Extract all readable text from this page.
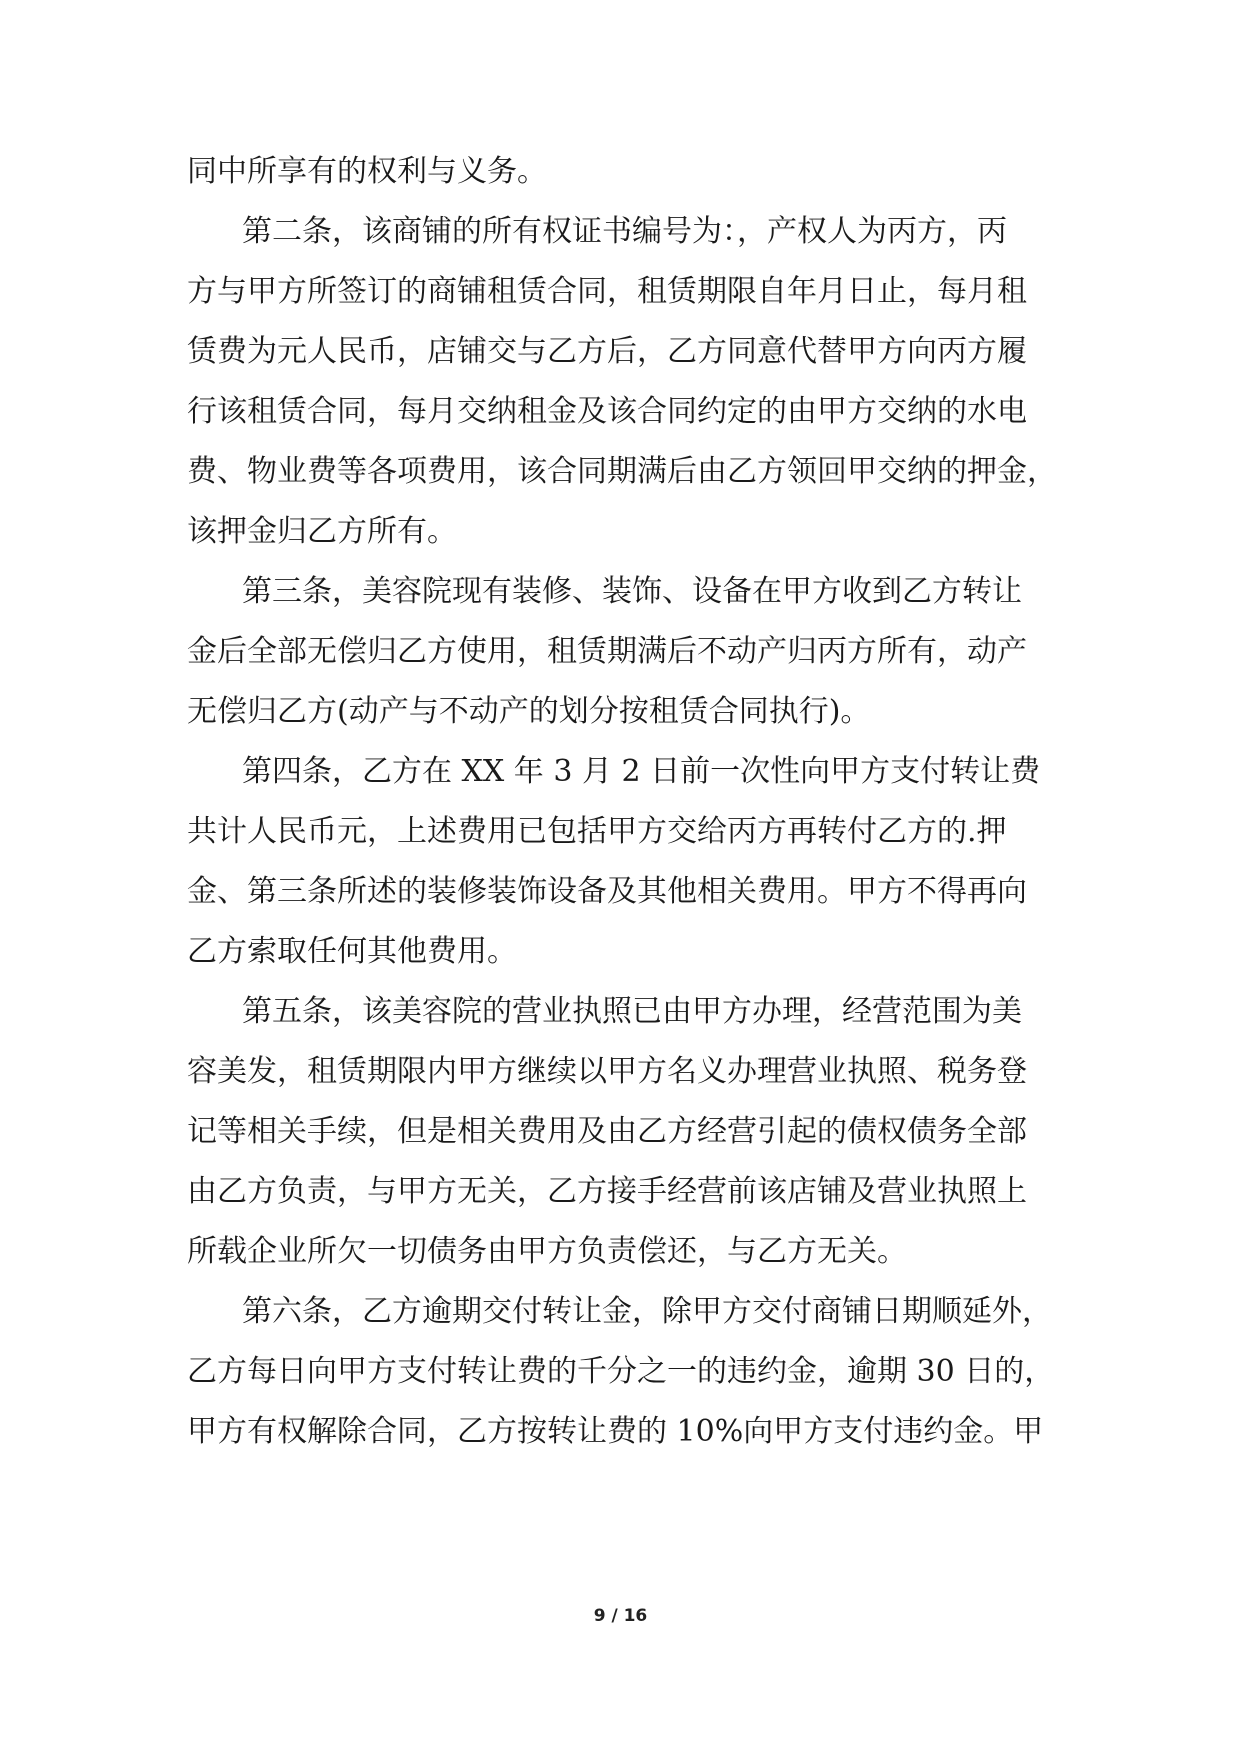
同中所享有的权利与义务。
第二条，该商铺的所有权证书编号为：，产权人为丙方，丙
方与甲方所签订的商铺租赁合同，租赁期限自年月日止，每月租
赁费为元人民币，店铺交与乙方后，乙方同意代替甲方向丙方履
行该租赁合同，每月交纳租金及该合同约定的由甲方交纳的水电
费、物业费等各项费用，该合同期满后由乙方领回甲交纳的押金，
该押金归乙方所有。
第三条，美容院现有装修、装饰、设备在甲方收到乙方转让
金后全部无偿归乙方使用，租赁期满后不动产归丙方所有，动产
无偿归乙方(动产与不动产的划分按租赁合同执行)。
第四条，乙方在 XX 年 3 月 2 日前一次性向甲方支付转让费
共计人民币元，上述费用已包括甲方交给丙方再转付乙方的.押
金、第三条所述的装修装饰设备及其他相关费用。甲方不得再向
乙方索取任何其他费用。
第五条，该美容院的营业执照已由甲方办理，经营范围为美
容美发，租赁期限内甲方继续以甲方名义办理营业执照、税务登
记等相关手续，但是相关费用及由乙方经营引起的债权债务全部
由乙方负责，与甲方无关，乙方接手经营前该店铺及营业执照上
所载企业所欠一切债务由甲方负责偿还，与乙方无关。
第六条，乙方逾期交付转让金，除甲方交付商铺日期顺延外，
乙方每日向甲方支付转让费的千分之一的违约金，逾期 30 日的，
甲方有权解除合同，乙方按转让费的 10%向甲方支付违约金。甲
9 / 16
